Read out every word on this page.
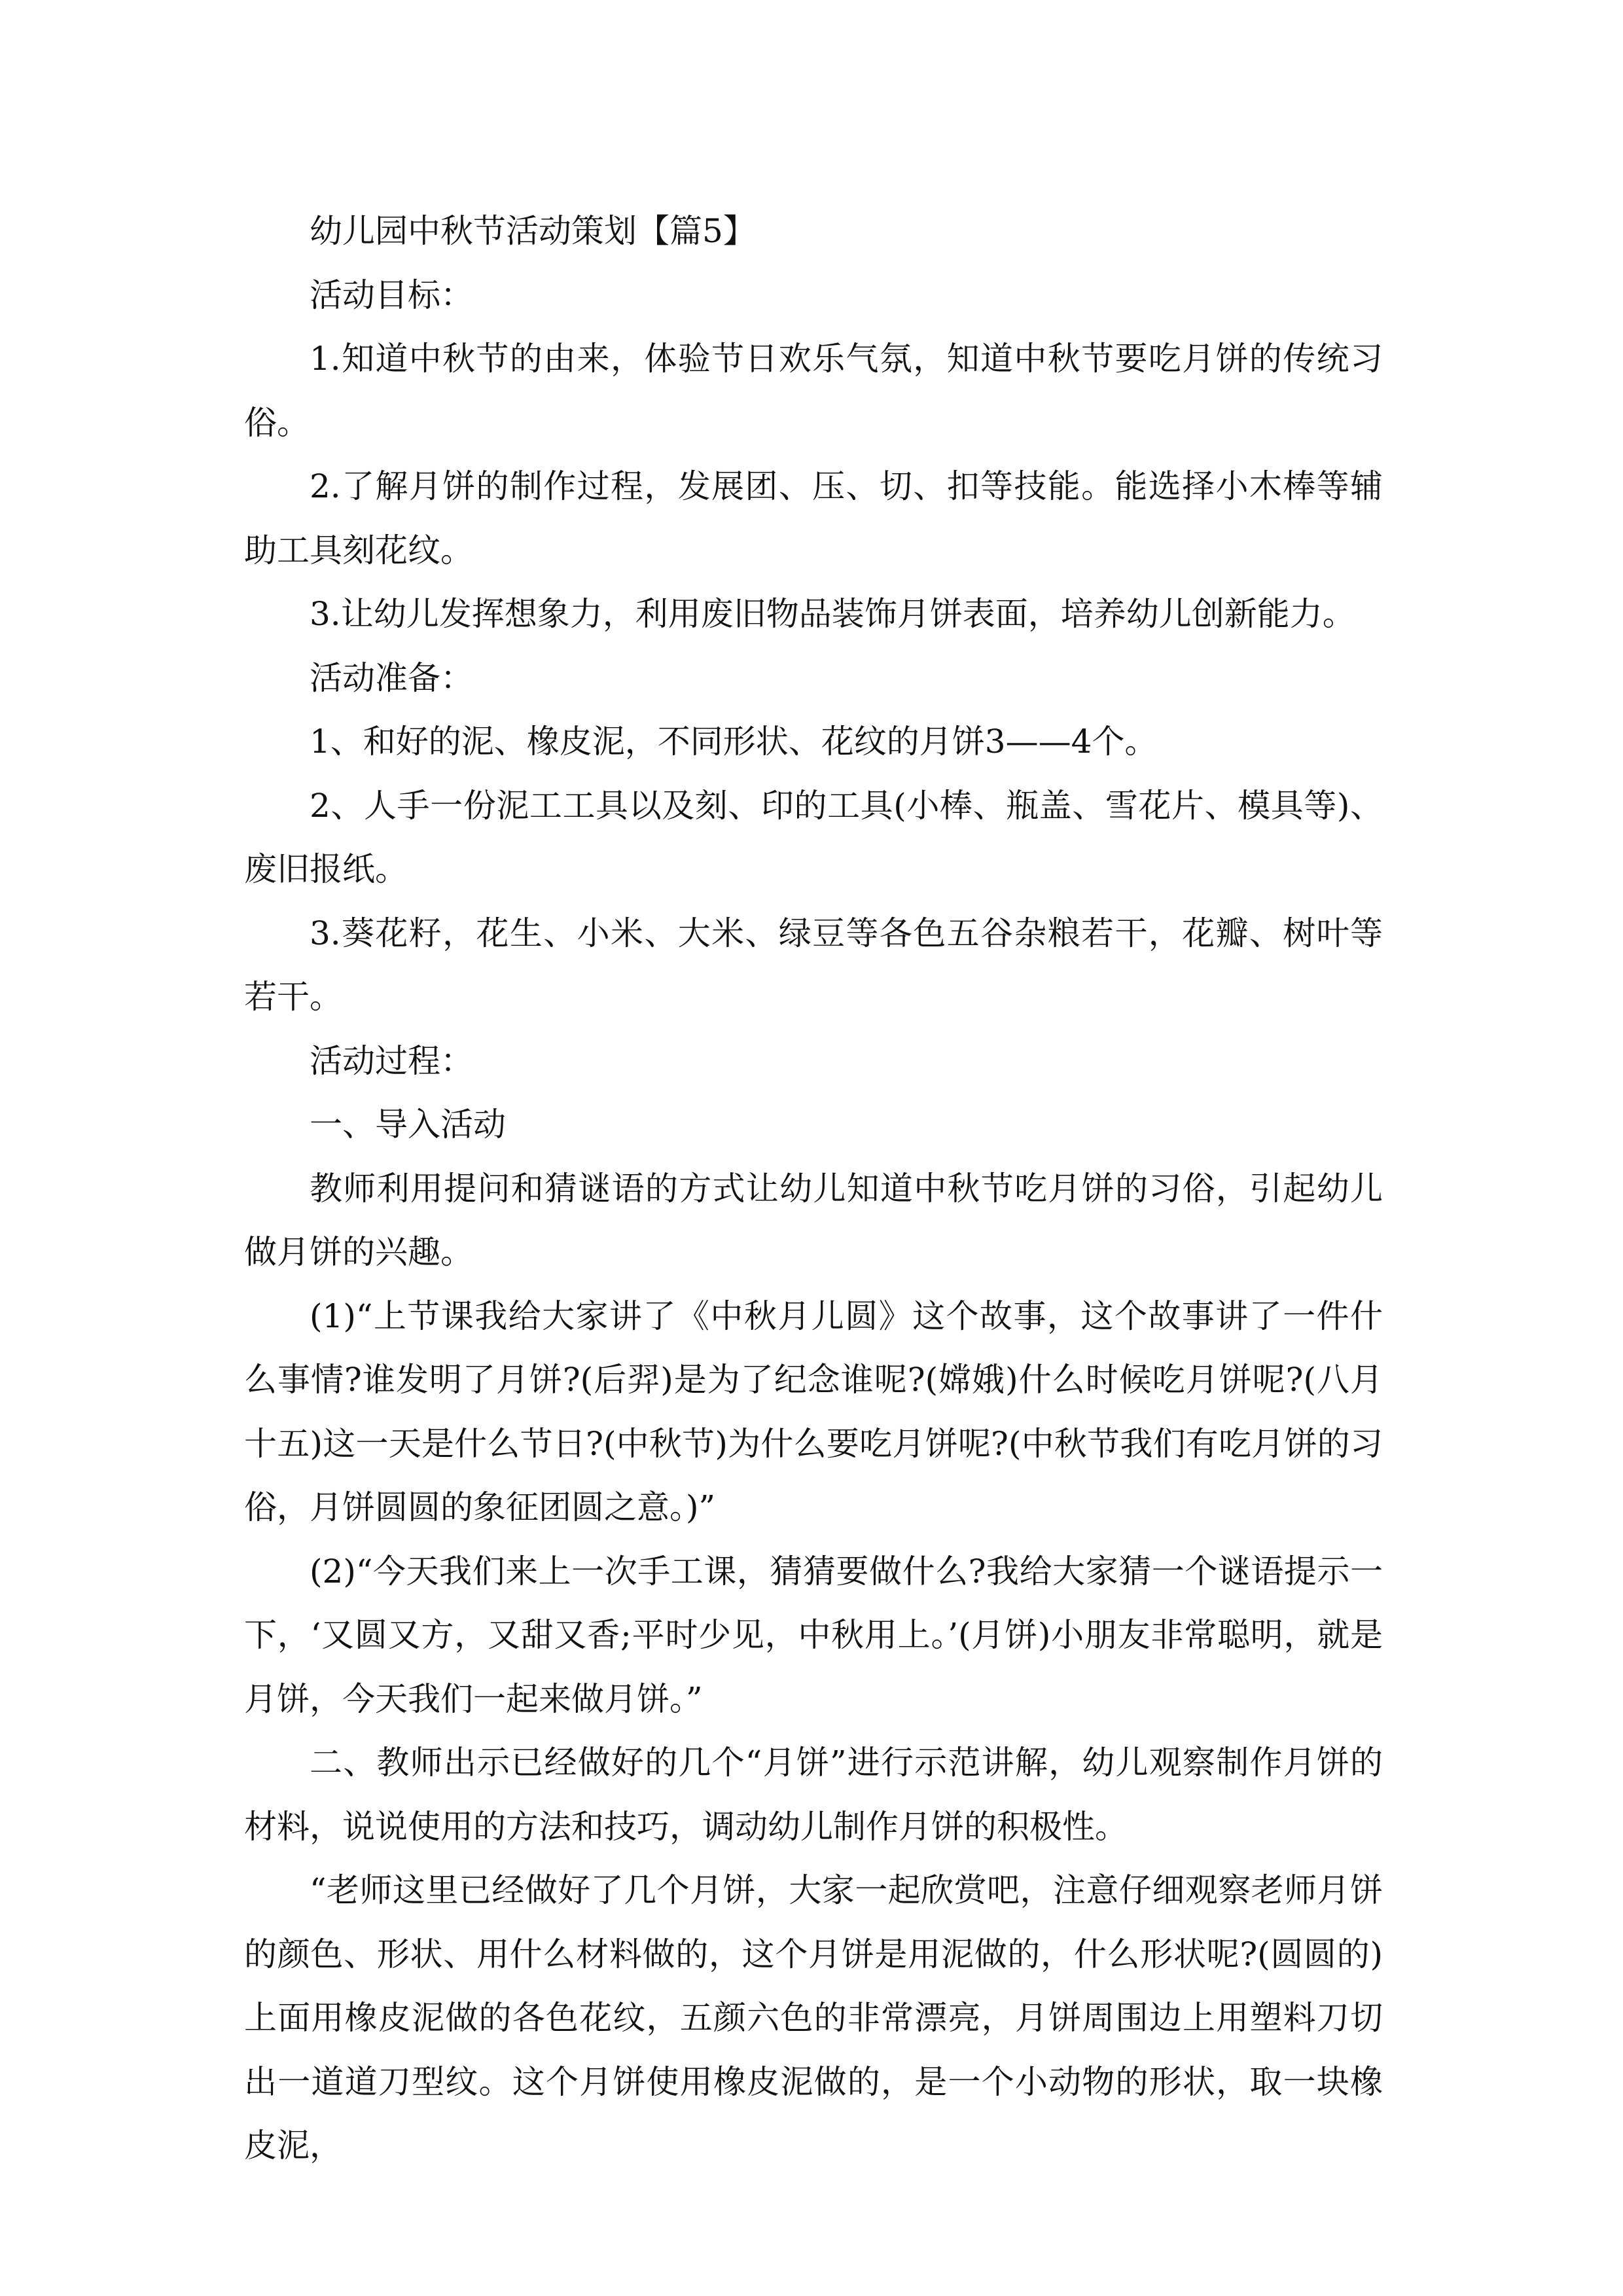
幼儿园中秋节活动策划【篇5】

活动目标：

1.知道中秋节的由来，体验节日欢乐气氛，知道中秋节要吃月饼的传统习俗。

2.了解月饼的制作过程，发展团、压、切、扣等技能。能选择小木棒等辅助工具刻花纹。

3.让幼儿发挥想象力，利用废旧物品装饰月饼表面，培养幼儿创新能力。

活动准备：

1、和好的泥、橡皮泥，不同形状、花纹的月饼3——4个。

2、人手一份泥工工具以及刻、印的工具(小棒、瓶盖、雪花片、模具等)、废旧报纸。

3.葵花籽，花生、小米、大米、绿豆等各色五谷杂粮若干，花瓣、树叶等若干。

活动过程：

一、导入活动

教师利用提问和猜谜语的方式让幼儿知道中秋节吃月饼的习俗，引起幼儿做月饼的兴趣。

(1)“上节课我给大家讲了《中秋月儿圆》这个故事，这个故事讲了一件什么事情?谁发明了月饼?(后羿)是为了纪念谁呢?(嫦娥)什么时候吃月饼呢?(八月十五)这一天是什么节日?(中秋节)为什么要吃月饼呢?(中秋节我们有吃月饼的习俗，月饼圆圆的象征团圆之意。)”

(2)“今天我们来上一次手工课，猜猜要做什么?我给大家猜一个谜语提示一下，‘又圆又方，又甜又香;平时少见，中秋用上。’(月饼)小朋友非常聪明，就是月饼，今天我们一起来做月饼。”

二、教师出示已经做好的几个“月饼”进行示范讲解，幼儿观察制作月饼的材料，说说使用的方法和技巧，调动幼儿制作月饼的积极性。

“老师这里已经做好了几个月饼，大家一起欣赏吧，注意仔细观察老师月饼的颜色、形状、用什么材料做的，这个月饼是用泥做的，什么形状呢?(圆圆的)上面用橡皮泥做的各色花纹，五颜六色的非常漂亮，月饼周围边上用塑料刀切出一道道刀型纹。这个月饼使用橡皮泥做的，是一个小动物的形状，取一块橡皮泥，
